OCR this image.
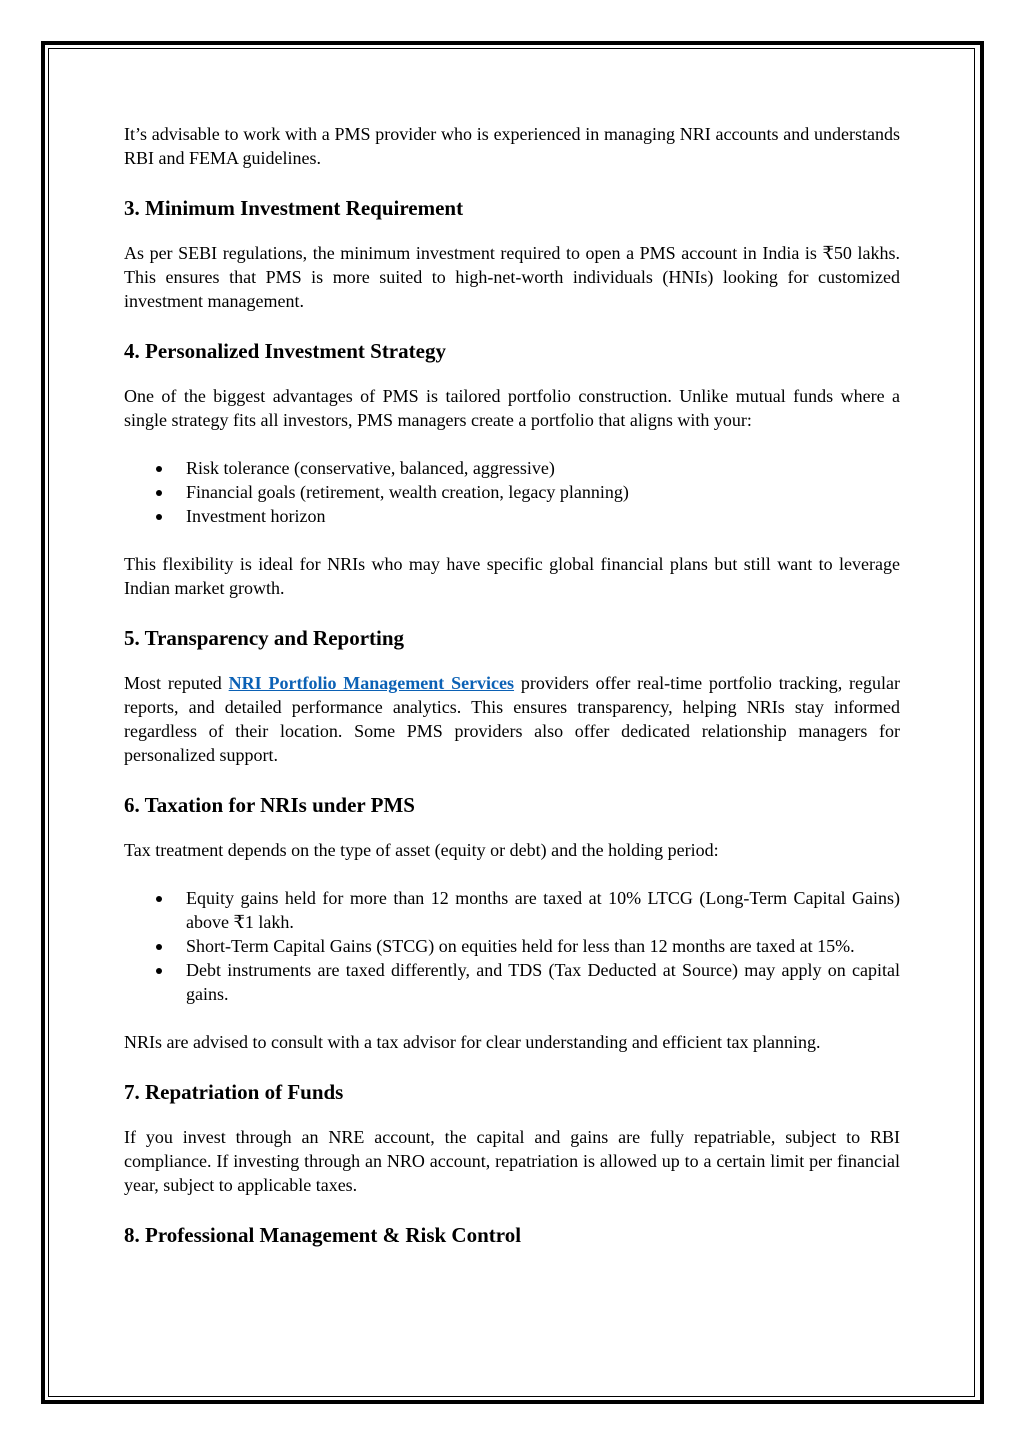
It’s advisable to work with a PMS provider who is experienced in managing NRI accounts and understands RBI and FEMA guidelines.

3. Minimum Investment Requirement

As per SEBI regulations, the minimum investment required to open a PMS account in India is ₹50 lakhs. This ensures that PMS is more suited to high-net-worth individuals (HNIs) looking for customized investment management.

4. Personalized Investment Strategy

One of the biggest advantages of PMS is tailored portfolio construction. Unlike mutual funds where a single strategy fits all investors, PMS managers create a portfolio that aligns with your:

Risk tolerance (conservative, balanced, aggressive)
Financial goals (retirement, wealth creation, legacy planning)
Investment horizon

This flexibility is ideal for NRIs who may have specific global financial plans but still want to leverage Indian market growth.

5. Transparency and Reporting

Most reputed NRI Portfolio Management Services providers offer real-time portfolio tracking, regular reports, and detailed performance analytics. This ensures transparency, helping NRIs stay informed regardless of their location. Some PMS providers also offer dedicated relationship managers for personalized support.

6. Taxation for NRIs under PMS

Tax treatment depends on the type of asset (equity or debt) and the holding period:

Equity gains held for more than 12 months are taxed at 10% LTCG (Long-Term Capital Gains) above ₹1 lakh.
Short-Term Capital Gains (STCG) on equities held for less than 12 months are taxed at 15%.
Debt instruments are taxed differently, and TDS (Tax Deducted at Source) may apply on capital gains.

NRIs are advised to consult with a tax advisor for clear understanding and efficient tax planning.

7. Repatriation of Funds

If you invest through an NRE account, the capital and gains are fully repatriable, subject to RBI compliance. If investing through an NRO account, repatriation is allowed up to a certain limit per financial year, subject to applicable taxes.

8. Professional Management & Risk Control
